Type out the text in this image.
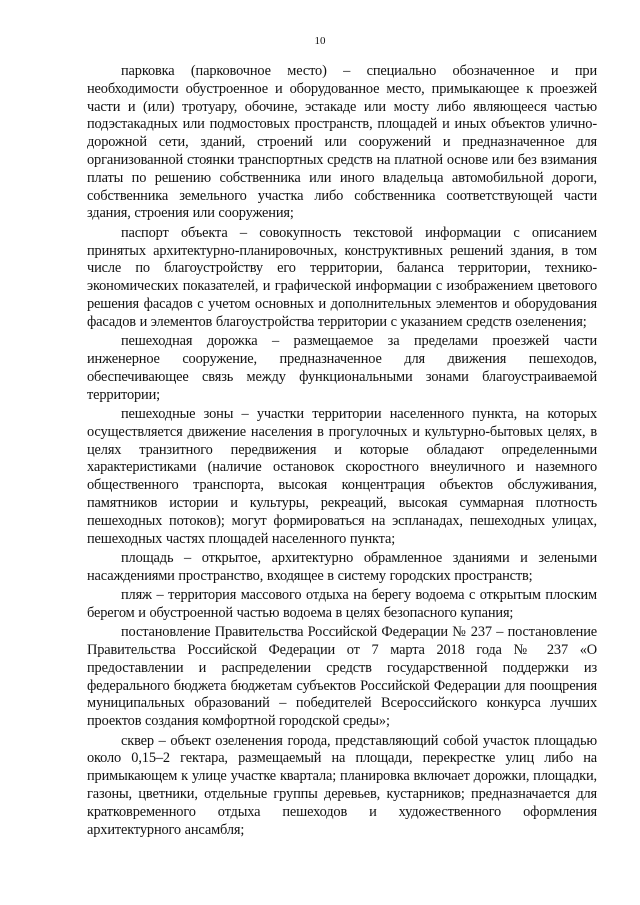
10

парковка (парковочное место) – специально обозначенное и при необходимости обустроенное и оборудованное место, примыкающее к проезжей части и (или) тротуару, обочине, эстакаде или мосту либо являющееся частью подэстакадных или подмостовых пространств, площадей и иных объектов улично-дорожной сети, зданий, строений или сооружений и предназначенное для организованной стоянки транспортных средств на платной основе или без взимания платы по решению собственника или иного владельца автомобильной дороги, собственника земельного участка либо собственника соответствующей части здания, строения или сооружения;

паспорт объекта – совокупность текстовой информации с описанием принятых архитектурно-планировочных, конструктивных решений здания, в том числе по благоустройству его территории, баланса территории, технико-экономических показателей, и графической информации с изображением цветового решения фасадов с учетом основных и дополнительных элементов и оборудования фасадов и элементов благоустройства территории с указанием средств озеленения;

пешеходная дорожка – размещаемое за пределами проезжей части инженерное сооружение, предназначенное для движения пешеходов, обеспечивающее связь между функциональными зонами благоустраиваемой территории;

пешеходные зоны – участки территории населенного пункта, на которых осуществляется движение населения в прогулочных и культурно-бытовых целях, в целях транзитного передвижения и которые обладают определенными характеристиками (наличие остановок скоростного внеуличного и наземного общественного транспорта, высокая концентрация объектов обслуживания, памятников истории и культуры, рекреаций, высокая суммарная плотность пешеходных потоков); могут формироваться на эспланадах, пешеходных улицах, пешеходных частях площадей населенного пункта;

площадь – открытое, архитектурно обрамленное зданиями и зелеными насаждениями пространство, входящее в систему городских пространств;

пляж – территория массового отдыха на берегу водоема с открытым плоским берегом и обустроенной частью водоема в целях безопасного купания;

постановление Правительства Российской Федерации № 237 – постановление Правительства Российской Федерации от 7 марта 2018 года № 237 «О предоставлении и распределении средств государственной поддержки из федерального бюджета бюджетам субъектов Российской Федерации для поощрения муниципальных образований – победителей Всероссийского конкурса лучших проектов создания комфортной городской среды»;

сквер – объект озеленения города, представляющий собой участок площадью около 0,15–2 гектара, размещаемый на площади, перекрестке улиц либо на примыкающем к улице участке квартала; планировка включает дорожки, площадки, газоны, цветники, отдельные группы деревьев, кустарников; предназначается для кратковременного отдыха пешеходов и художественного оформления архитектурного ансамбля;
